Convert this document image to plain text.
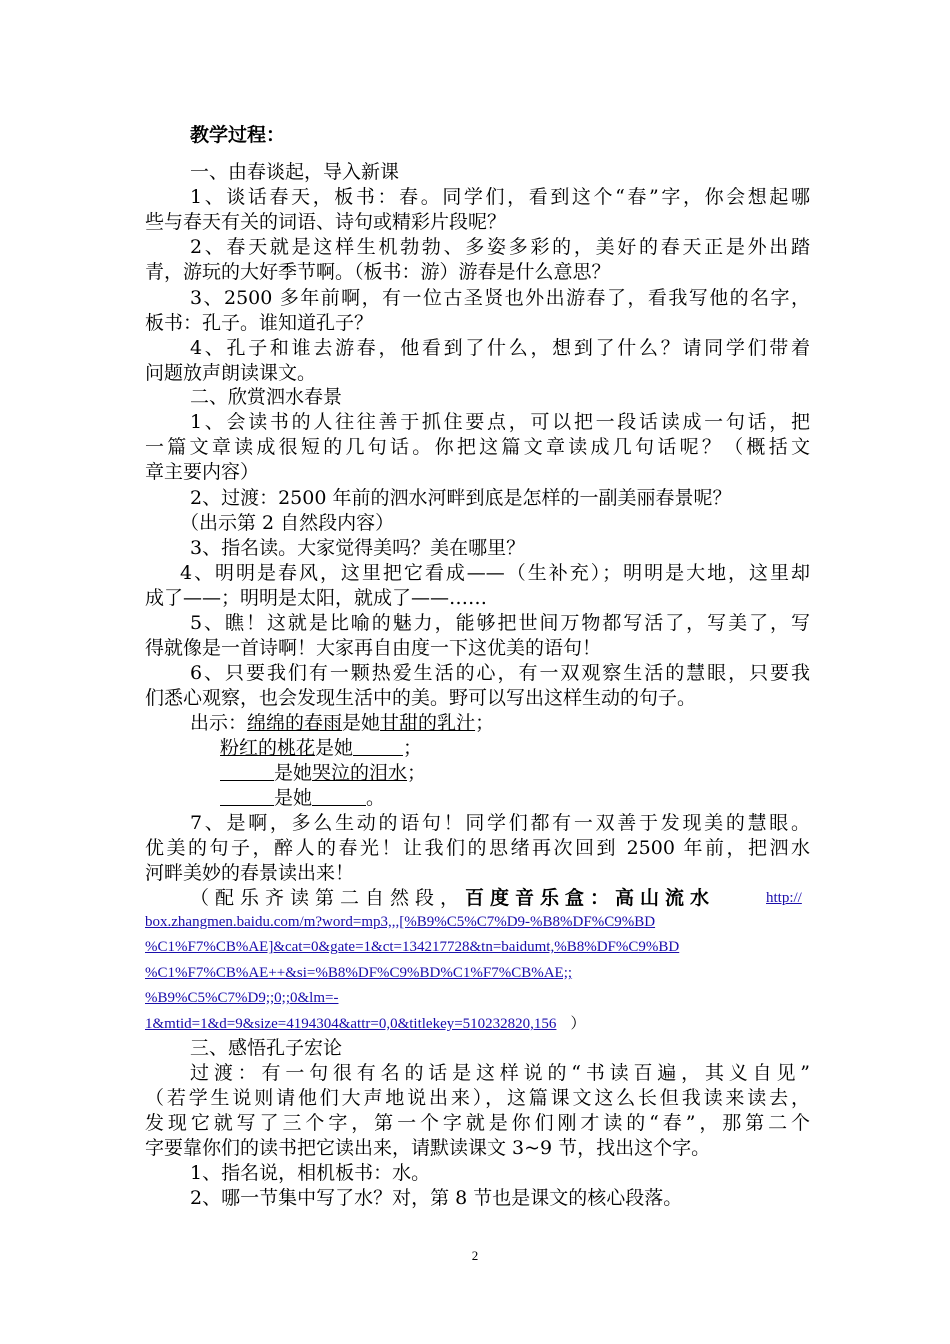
教学过程：
一、由春谈起，导入新课
1、谈话春天，板书：春。同学们，看到这个“春”字，你会想起哪
些与春天有关的词语、诗句或精彩片段呢？
2、春天就是这样生机勃勃、多姿多彩的，美好的春天正是外出踏
青，游玩的大好季节啊。（板书：游）游春是什么意思？
3、2500 多年前啊，有一位古圣贤也外出游春了，看我写他的名字，
板书：孔子。谁知道孔子？
4、孔子和谁去游春，他看到了什么，想到了什么？请同学们带着
问题放声朗读课文。
二、欣赏泗水春景
1、会读书的人往往善于抓住要点，可以把一段话读成一句话，把
一篇文章读成很短的几句话。你把这篇文章读成几句话呢？（概括文
章主要内容）
2、过渡：2500 年前的泗水河畔到底是怎样的一副美丽春景呢？
（出示第 2 自然段内容）
3、指名读。大家觉得美吗？美在哪里？
4、明明是春风，这里把它看成——（生补充）；明明是大地，这里却
成了——；明明是太阳，就成了——……
5、瞧！这就是比喻的魅力，能够把世间万物都写活了，写美了，写
得就像是一首诗啊！大家再自由度一下这优美的语句！
6、只要我们有一颗热爱生活的心，有一双观察生活的慧眼，只要我
们悉心观察，也会发现生活中的美。野可以写出这样生动的句子。
出示：绵绵的春雨是她甘甜的乳汁；
粉红的桃花是她	；
是她哭泣的泪水；
是她	。
7、是啊，多么生动的语句！同学们都有一双善于发现美的慧眼。
优美的句子，醉人的春光！让我们的思绪再次回到 2500 年前，把泗水
河畔美妙的春景读出来！
（配乐齐读第二自然段，百度音乐盒：高山流水	http://
box.zhangmen.baidu.com/m?word=mp3,,,[%B9%C5%C7%D9-%B8%DF%C9%BD
%C1%F7%CB%AE]&cat=0&gate=1&ct=134217728&tn=baidumt,%B8%DF%C9%BD
%C1%F7%CB%AE++&si=%B8%DF%C9%BD%C1%F7%CB%AE;;
%B9%C5%C7%D9;;0;;0&lm=-
1&mtid=1&d=9&size=4194304&attr=0,0&titlekey=510232820,156 ）
三、感悟孔子宏论
过渡：有一句很有名的话是这样说的“书读百遍，其义自见”
（若学生说则请他们大声地说出来），这篇课文这么长但我读来读去，
发现它就写了三个字，第一个字就是你们刚才读的“春”，那第二个
字要靠你们的读书把它读出来，请默读课文 3~9 节，找出这个字。
1、指名说，相机板书：水。
2、哪一节集中写了水？对，第 8 节也是课文的核心段落。
2
